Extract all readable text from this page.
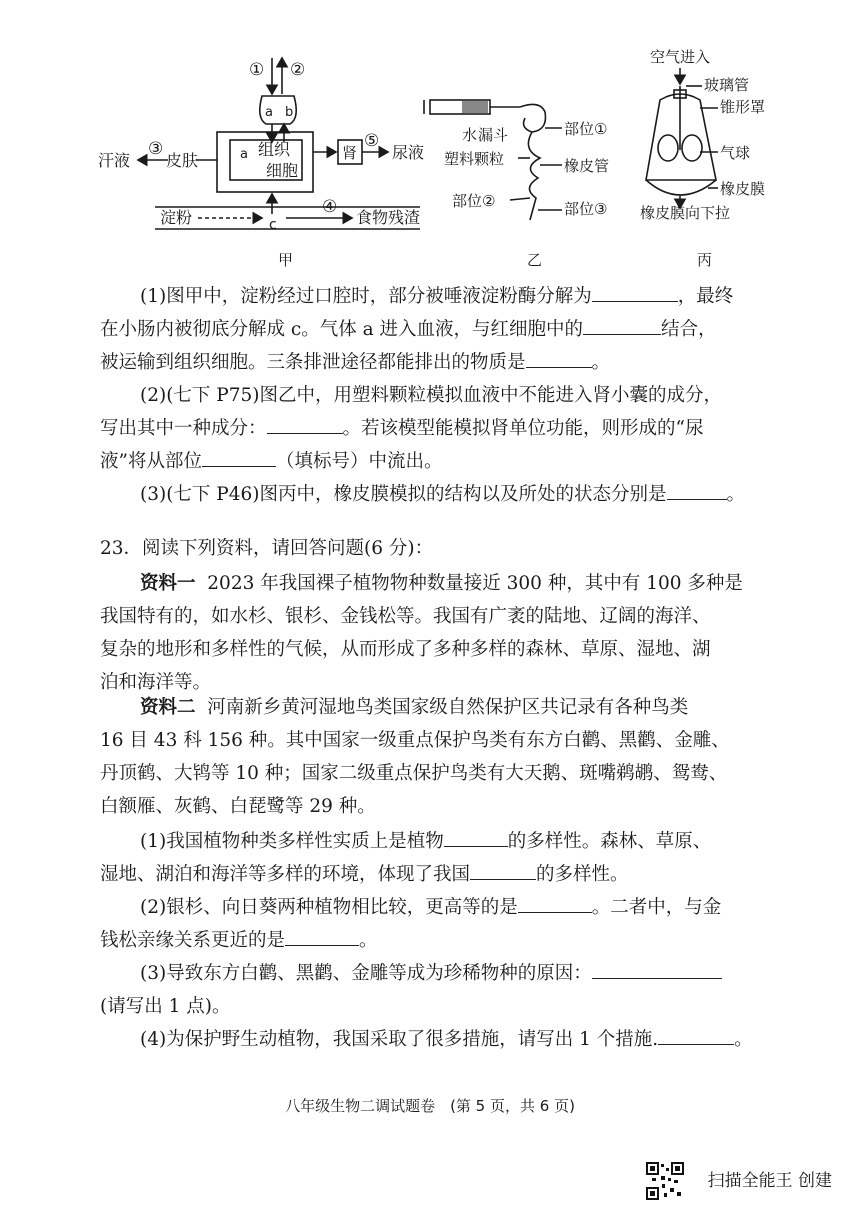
① ②
a b
a 组织
细胞
皮肤
③
汗液	肾
⑤
尿液
淀粉	c
④
食物残渣
甲
水 漏斗	部位①
塑料颗粒	橡皮管
部位②	部位③
乙
空气进入
玻璃管
锥形罩
气球
橡皮膜
橡皮膜向下拉
丙
(1)图甲中，淀粉经过口腔时，部分被唾液淀粉酶分解为	，最终
在小肠内被彻底分解成 c。气体 a 进入血液，与红细胞中的	结合，
被运输到组织细胞。三条排泄途径都能排出的物质是	。
(2)(七下 P75)图乙中，用塑料颗粒模拟血液中不能进入肾小囊的成分，
写出其中一种成分：	。若该模型能模拟肾单位功能，则形成的“尿
液”将从部位	（填标号）中流出。
(3)(七下 P46)图丙中，橡皮膜模拟的结构以及所处的状态分别是	。
23．阅读下列资料，请回答问题(6 分)：
资料一 2023 年我国裸子植物物种数量接近 300 种，其中有 100 多种是
我国特有的，如水杉、银杉、金钱松等。我国有广袤的陆地、辽阔的海洋、
复杂的地形和多样性的气候，从而形成了多种多样的森林、草原、湿地、湖
泊和海洋等。
资料二 河南新乡黄河湿地鸟类国家级自然保护区共记录有各种鸟类
16 目 43 科 156 种。其中国家一级重点保护鸟类有东方白鹳、黑鹳、金雕、
丹顶鹤、大鸨等 10 种；国家二级重点保护鸟类有大天鹅、斑嘴鹈鹕、鸳鸯、
白额雁、灰鹤、白琵鹭等 29 种。
(1)我国植物种类多样性实质上是植物	的多样性。森林、草原、
湿地、湖泊和海洋等多样的环境，体现了我国	的多样性。
(2)银杉、向日葵两种植物相比较，更高等的是	。二者中，与金
钱松亲缘关系更近的是	。
(3)导致东方白鹳、黑鹳、金雕等成为珍稀物种的原因：
(请写出 1 点)。
(4)为保护野生动植物，我国采取了很多措施，请写出 1 个措施.	。
八年级生物二调试题卷　(第 5 页，共 6 页)
扫描全能王 创建
